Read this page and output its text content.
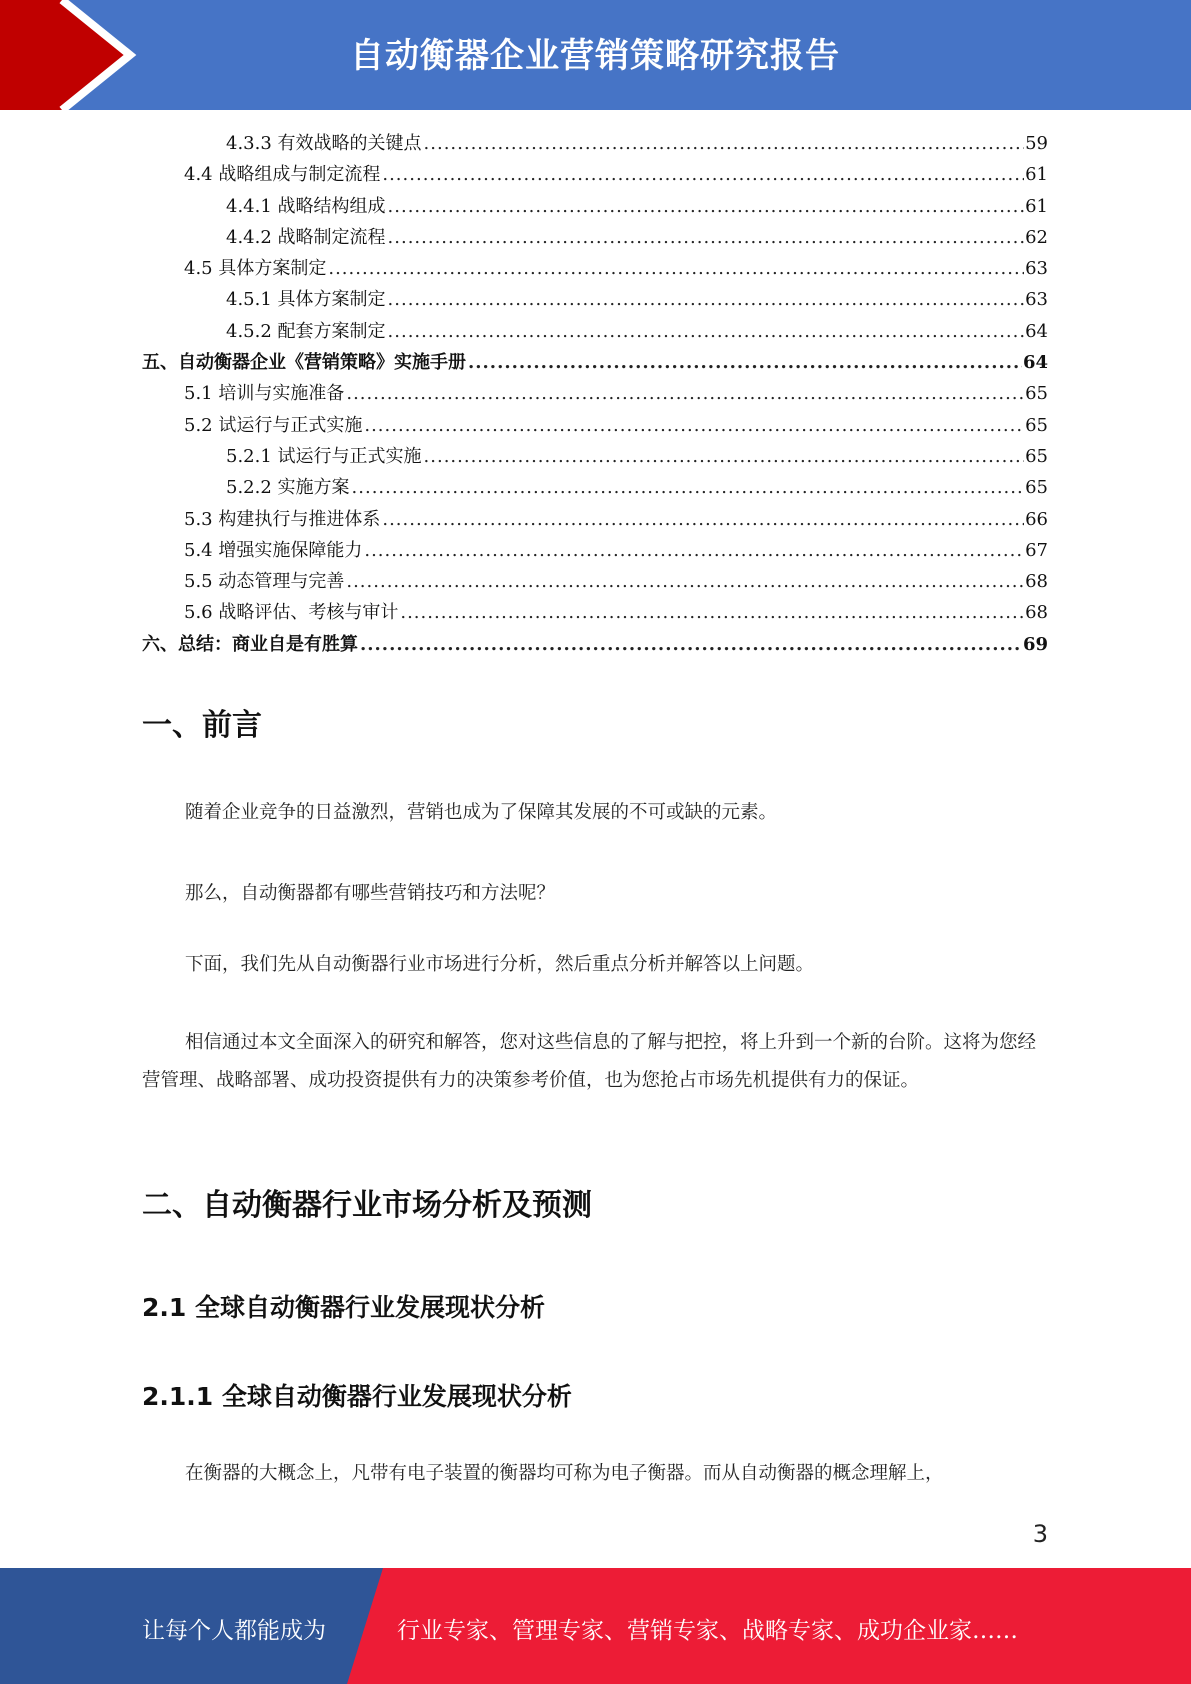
自动衡器企业营销策略研究报告
4.3.3 有效战略的关键点 .....	59
4.4 战略组成与制定流程 .....	61
4.4.1 战略结构组成 .....	61
4.4.2 战略制定流程 .....	62
4.5 具体方案制定 .....	63
4.5.1 具体方案制定 .....	63
4.5.2 配套方案制定 .....	64
五、自动衡器企业《营销策略》实施手册 .....	64
5.1 培训与实施准备 .....	65
5.2 试运行与正式实施 .....	65
5.2.1 试运行与正式实施 .....	65
5.2.2 实施方案 .....	65
5.3 构建执行与推进体系 .....	66
5.4 增强实施保障能力 .....	67
5.5 动态管理与完善 .....	68
5.6 战略评估、考核与审计 .....	68
六、总结：商业自是有胜算 .....	69
一、前言
随着企业竞争的日益激烈，营销也成为了保障其发展的不可或缺的元素。
那么，自动衡器都有哪些营销技巧和方法呢？
下面，我们先从自动衡器行业市场进行分析，然后重点分析并解答以上问题。
相信通过本文全面深入的研究和解答，您对这些信息的了解与把控，将上升到一个新的台阶。这将为您经营管理、战略部署、成功投资提供有力的决策参考价值，也为您抢占市场先机提供有力的保证。
二、自动衡器行业市场分析及预测
2.1 全球自动衡器行业发展现状分析
2.1.1 全球自动衡器行业发展现状分析
在衡器的大概念上，凡带有电子装置的衡器均可称为电子衡器。而从自动衡器的概念理解上，
3
让每个人都能成为	行业专家、管理专家、营销专家、战略专家、成功企业家……
